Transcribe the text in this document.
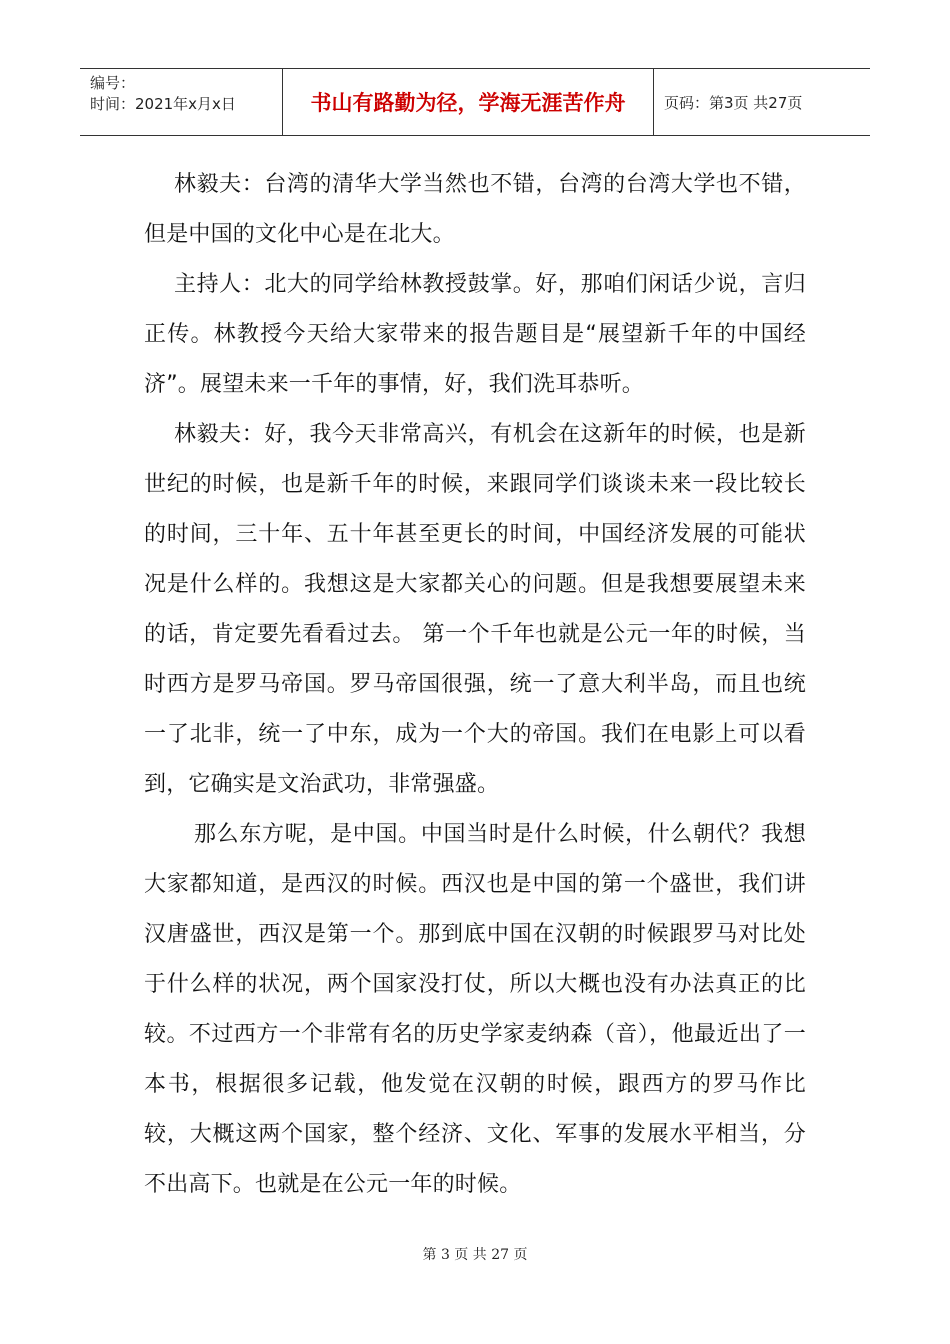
编号：
时间：2021年x月x日	书山有路勤为径，学海无涯苦作舟	页码：第3页 共27页

林毅夫：台湾的清华大学当然也不错，台湾的台湾大学也不错，但是中国的文化中心是在北大。

主持人：北大的同学给林教授鼓掌。好，那咱们闲话少说，言归正传。林教授今天给大家带来的报告题目是“展望新千年的中国经济”。展望未来一千年的事情，好，我们洗耳恭听。

林毅夫：好，我今天非常高兴，有机会在这新年的时候，也是新世纪的时候，也是新千年的时候，来跟同学们谈谈未来一段比较长的时间，三十年、五十年甚至更长的时间，中国经济发展的可能状况是什么样的。我想这是大家都关心的问题。但是我想要展望未来的话，肯定要先看看过去。 第一个千年也就是公元一年的时候，当时西方是罗马帝国。罗马帝国很强，统一了意大利半岛，而且也统一了北非，统一了中东，成为一个大的帝国。我们在电影上可以看到，它确实是文治武功，非常强盛。

那么东方呢，是中国。中国当时是什么时候，什么朝代？我想大家都知道，是西汉的时候。西汉也是中国的第一个盛世，我们讲汉唐盛世，西汉是第一个。那到底中国在汉朝的时候跟罗马对比处于什么样的状况，两个国家没打仗，所以大概也没有办法真正的比较。不过西方一个非常有名的历史学家麦纳森（音），他最近出了一本书，根据很多记载，他发觉在汉朝的时候，跟西方的罗马作比较，大概这两个国家，整个经济、文化、军事的发展水平相当，分不出高下。也就是在公元一年的时候。

第 3 页 共 27 页
